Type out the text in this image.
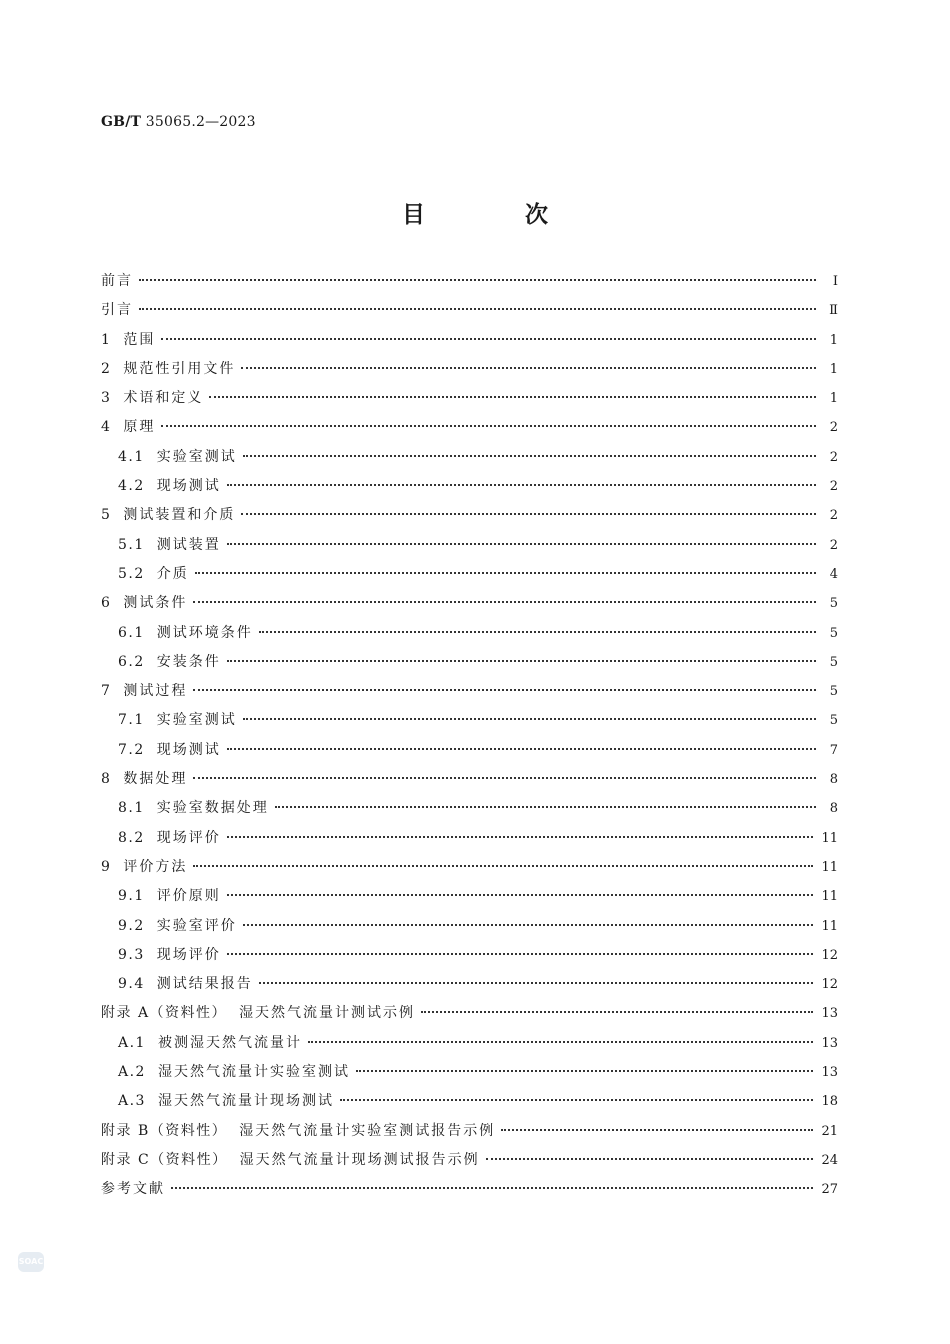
GB/T 35065.2—2023
目 次
前言	Ⅰ
引言	Ⅱ
1 范围	1
2 规范性引用文件	1
3 术语和定义	1
4 原理	2
4.1 实验室测试	2
4.2 现场测试	2
5 测试装置和介质	2
5.1 测试装置	2
5.2 介质	4
6 测试条件	5
6.1 测试环境条件	5
6.2 安装条件	5
7 测试过程	5
7.1 实验室测试	5
7.2 现场测试	7
8 数据处理	8
8.1 实验室数据处理	8
8.2 现场评价	11
9 评价方法	11
9.1 评价原则	11
9.2 实验室评价	11
9.3 现场评价	12
9.4 测试结果报告	12
附录 A（资料性） 湿天然气流量计测试示例	13
A.1 被测湿天然气流量计	13
A.2 湿天然气流量计实验室测试	13
A.3 湿天然气流量计现场测试	18
附录 B（资料性） 湿天然气流量计实验室测试报告示例	21
附录 C（资料性） 湿天然气流量计现场测试报告示例	24
参考文献	27
SOAC
